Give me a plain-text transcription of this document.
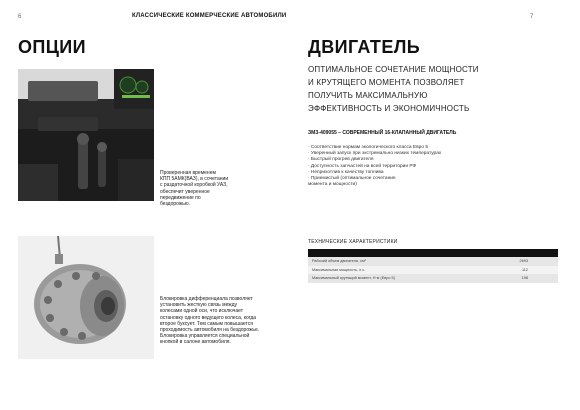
6	КЛАССИЧЕСКИЕ КОММЕРЧЕСКИЕ АВТОМОБИЛИ	7
ОПЦИИ	ДВИГАТЕЛЬ
Проверенная временем
КПП 5АМК(ВАЗ), в сочетании
с раздаточной коробкой УАЗ,
обеспечит уверенное
передвижение по
бездорожью.
Блокировка дифференциала позволяет
установить жесткую связь между
колесами одной оси, что исключает
остановку одного ведущего колеса, когда
второе буксует. Тем самым повышается
проходимость автомобиля на бездорожье.
Блокировка управляется специальной
кнопкой в салоне автомобиля.
ОПТИМАЛЬНОЕ СОЧЕТАНИЕ МОЩНОСТИ
И КРУТЯЩЕГО МОМЕНТА ПОЗВОЛЯЕТ
ПОЛУЧИТЬ МАКСИМАЛЬНУЮ
ЭФФЕКТИВНОСТЬ И ЭКОНОМИЧНОСТЬ
ЗМЗ-409055 – СОВРЕМЕННЫЙ 16-КЛАПАННЫЙ ДВИГАТЕЛЬ
· Соответствие нормам экологического класса Евро 5
· Уверенный запуск при экстремально низких температурах
· Быстрый прогрев двигателя
· Доступность запчастей на всей территории РФ
· Неприхотлив к качеству топлива
· Приемистый (оптимальное сочетание
момента и мощности)
ТЕХНИЧЕСКИЕ ХАРАКТЕРИСТИКИ

Рабочий объем двигателя, см³	2693
Максимальная мощность, л.с.	112
Максимальный крутящий момент, Н·м (Евро 5)	198
